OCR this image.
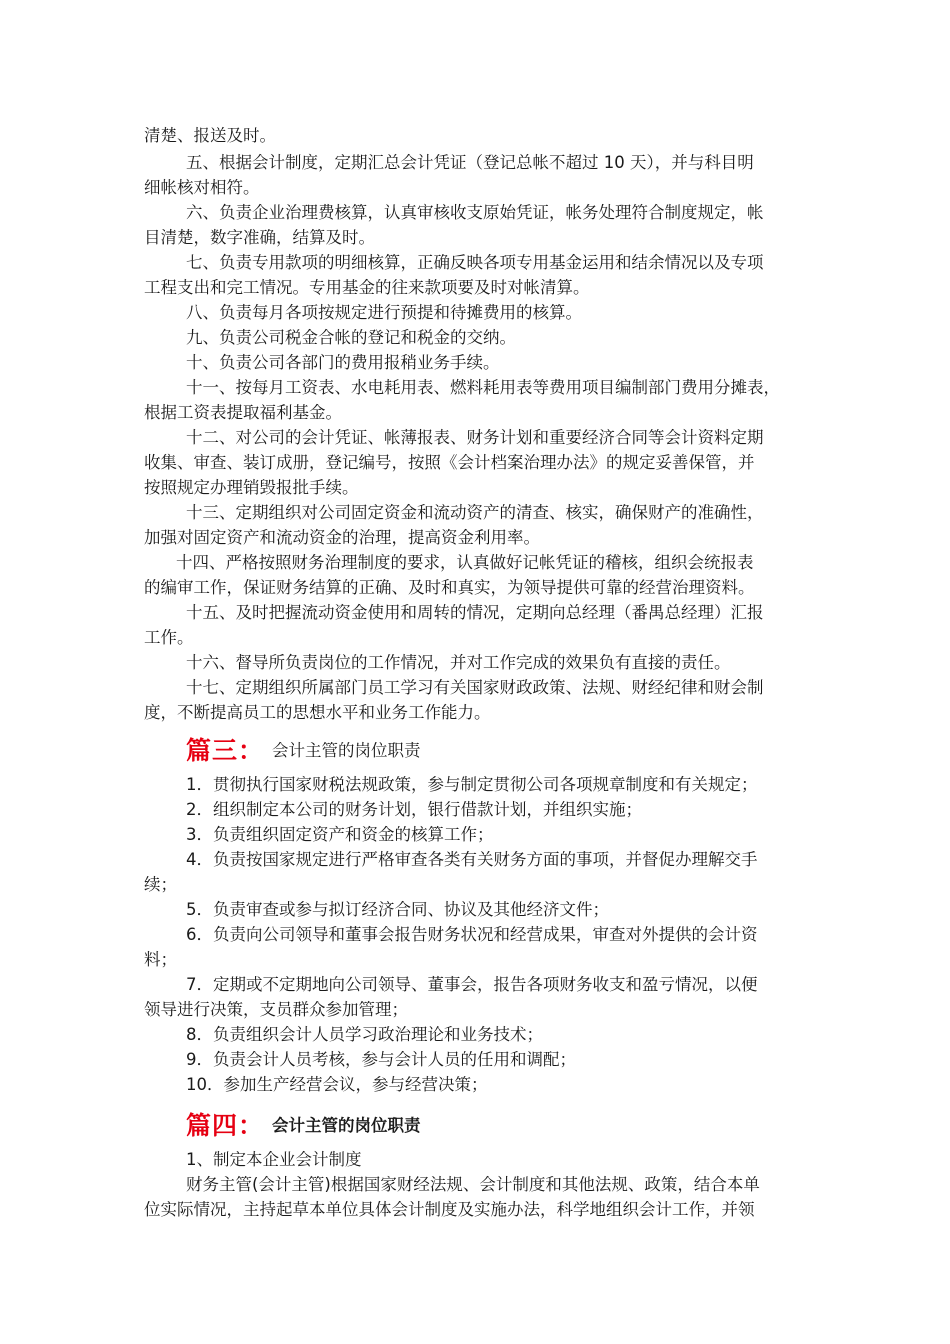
清楚、报送及时。
五、根据会计制度，定期汇总会计凭证（登记总帐不超过 10 天），并与科目明
细帐核对相符。
六、负责企业治理费核算，认真审核收支原始凭证，帐务处理符合制度规定，帐
目清楚，数字准确，结算及时。
七、负责专用款项的明细核算，正确反映各项专用基金运用和结余情况以及专项
工程支出和完工情况。专用基金的往来款项要及时对帐清算。
八、负责每月各项按规定进行预提和待摊费用的核算。
九、负责公司税金合帐的登记和税金的交纳。
十、负责公司各部门的费用报稍业务手续。
十一、按每月工资表、水电耗用表、燃料耗用表等费用项目编制部门费用分摊表，
根据工资表提取福利基金。
十二、对公司的会计凭证、帐薄报表、财务计划和重要经济合同等会计资料定期
收集、审查、装订成册，登记编号，按照《会计档案治理办法》的规定妥善保管，并
按照规定办理销毁报批手续。
十三、定期组织对公司固定资金和流动资产的清查、核实，确保财产的准确性，
加强对固定资产和流动资金的治理，提高资金利用率。
十四、严格按照财务治理制度的要求，认真做好记帐凭证的稽核，组织会统报表
的编审工作，保证财务结算的正确、及时和真实，为领导提供可靠的经营治理资料。
十五、及时把握流动资金使用和周转的情况，定期向总经理（番禺总经理）汇报
工作。
十六、督导所负责岗位的工作情况，并对工作完成的效果负有直接的责任。
十七、定期组织所属部门员工学习有关国家财政政策、法规、财经纪律和财会制
度，不断提高员工的思想水平和业务工作能力。
篇三： 会计主管的岗位职责
1．贯彻执行国家财税法规政策，参与制定贯彻公司各项规章制度和有关规定；
2．组织制定本公司的财务计划，银行借款计划，并组织实施；
3．负责组织固定资产和资金的核算工作；
4．负责按国家规定进行严格审查各类有关财务方面的事项，并督促办理解交手
续；
5．负责审查或参与拟订经济合同、协议及其他经济文件；
6．负责向公司领导和董事会报告财务状况和经营成果，审查对外提供的会计资
料；
7．定期或不定期地向公司领导、董事会，报告各项财务收支和盈亏情况，以便
领导进行决策，支员群众参加管理；
8．负责组织会计人员学习政治理论和业务技术；
9．负责会计人员考核，参与会计人员的任用和调配；
10．参加生产经营会议，参与经营决策；
篇四： 会计主管的岗位职责
1、制定本企业会计制度
财务主管(会计主管)根据国家财经法规、会计制度和其他法规、政策，结合本单
位实际情况，主持起草本单位具体会计制度及实施办法，科学地组织会计工作，并领
